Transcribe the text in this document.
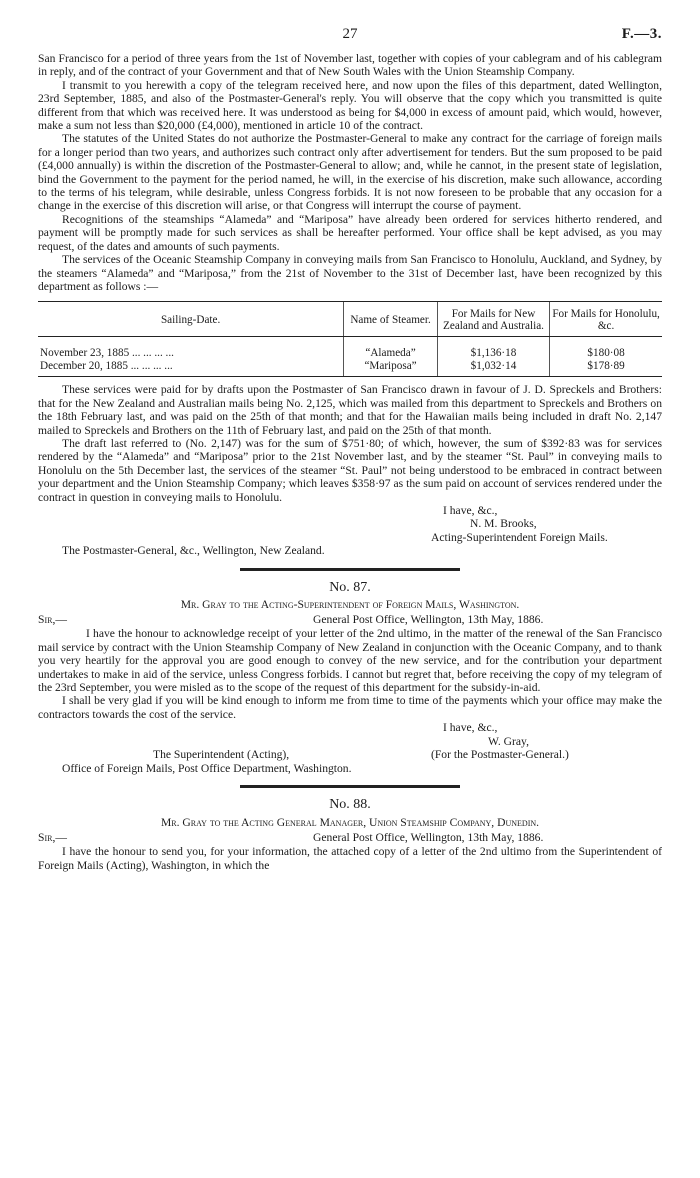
27	F.—3.

San Francisco for a period of three years from the 1st of November last, together with copies of your cablegram and of his cablegram in reply, and of the contract of your Government and that of New South Wales with the Union Steamship Company.

I transmit to you herewith a copy of the telegram received here, and now upon the files of this department, dated Wellington, 23rd September, 1885, and also of the Postmaster-General's reply. You will observe that the copy which you transmitted is quite different from that which was received here. It was understood as being for $4,000 in excess of amount paid, which would, however, make a sum not less than $20,000 (£4,000), mentioned in article 10 of the contract.

The statutes of the United States do not authorize the Postmaster-General to make any contract for the carriage of foreign mails for a longer period than two years, and authorizes such contract only after advertisement for tenders. But the sum proposed to be paid (£4,000 annually) is within the discretion of the Postmaster-General to allow; and, while he cannot, in the present state of legislation, bind the Government to the payment for the period named, he will, in the exercise of his discretion, make such allowance, according to the terms of his telegram, while desirable, unless Congress forbids. It is not now foreseen to be probable that any occasion for a change in the exercise of this discretion will arise, or that Congress will interrupt the course of payment.

Recognitions of the steamships “Alameda” and “Mariposa” have already been ordered for services hitherto rendered, and payment will be promptly made for such services as shall be hereafter performed. Your office shall be kept advised, as you may request, of the dates and amounts of such payments.

The services of the Oceanic Steamship Company in conveying mails from San Francisco to Honolulu, Auckland, and Sydney, by the steamers “Alameda” and “Mariposa,” from the 21st of November to the 31st of December last, have been recognized by this department as follows :—

Sailing-Date.	Name of Steamer.	For Mails for New Zealand and Australia.	For Mails for Honolulu, &c.

November 23, 1885 ... ... ... ...	“Alameda”	$1,136·18	$180·08
December 20, 1885 ... ... ... ...	“Mariposa”	$1,032·14	$178·89

These services were paid for by drafts upon the Postmaster of San Francisco drawn in favour of J. D. Spreckels and Brothers: that for the New Zealand and Australian mails being No. 2,125, which was mailed from this department to Spreckels and Brothers on the 18th February last, and was paid on the 25th of that month; and that for the Hawaiian mails being included in draft No. 2,147 mailed to Spreckels and Brothers on the 11th of February last, and paid on the 25th of that month.

The draft last referred to (No. 2,147) was for the sum of $751·80; of which, however, the sum of $392·83 was for services rendered by the “Alameda” and “Mariposa” prior to the 21st November last, and by the steamer “St. Paul” in conveying mails to Honolulu on the 5th December last, the services of the steamer “St. Paul” not being understood to be embraced in contract between your department and the Union Steamship Company; which leaves $358·97 as the sum paid on account of services rendered under the contract in question in conveying mails to Honolulu.

I have, &c.,

N. M. Brooks,

Acting-Superintendent Foreign Mails.

The Postmaster-General, &c., Wellington, New Zealand.

No. 87.
Mr. Gray to the Acting-Superintendent of Foreign Mails, Washington.
Sir,—	General Post Office, Wellington, 13th May, 1886.

I have the honour to acknowledge receipt of your letter of the 2nd ultimo, in the matter of the renewal of the San Francisco mail service by contract with the Union Steamship Company of New Zealand in conjunction with the Oceanic Company, and to thank you very heartily for the approval you are good enough to convey of the new service, and for the contribution your department undertakes to make in aid of the service, unless Congress forbids. I cannot but regret that, before receiving the copy of my telegram of the 23rd September, you were misled as to the scope of the request of this department for the subsidy-in-aid.

I shall be very glad if you will be kind enough to inform me from time to time of the payments which your office may make the contractors towards the cost of the service.

I have, &c.,

W. Gray,

The Superintendent (Acting),	(For the Postmaster-General.)

Office of Foreign Mails, Post Office Department, Washington.

No. 88.
Mr. Gray to the Acting General Manager, Union Steamship Company, Dunedin.
Sir,—	General Post Office, Wellington, 13th May, 1886.

I have the honour to send you, for your information, the attached copy of a letter of the 2nd ultimo from the Superintendent of Foreign Mails (Acting), Washington, in which the
